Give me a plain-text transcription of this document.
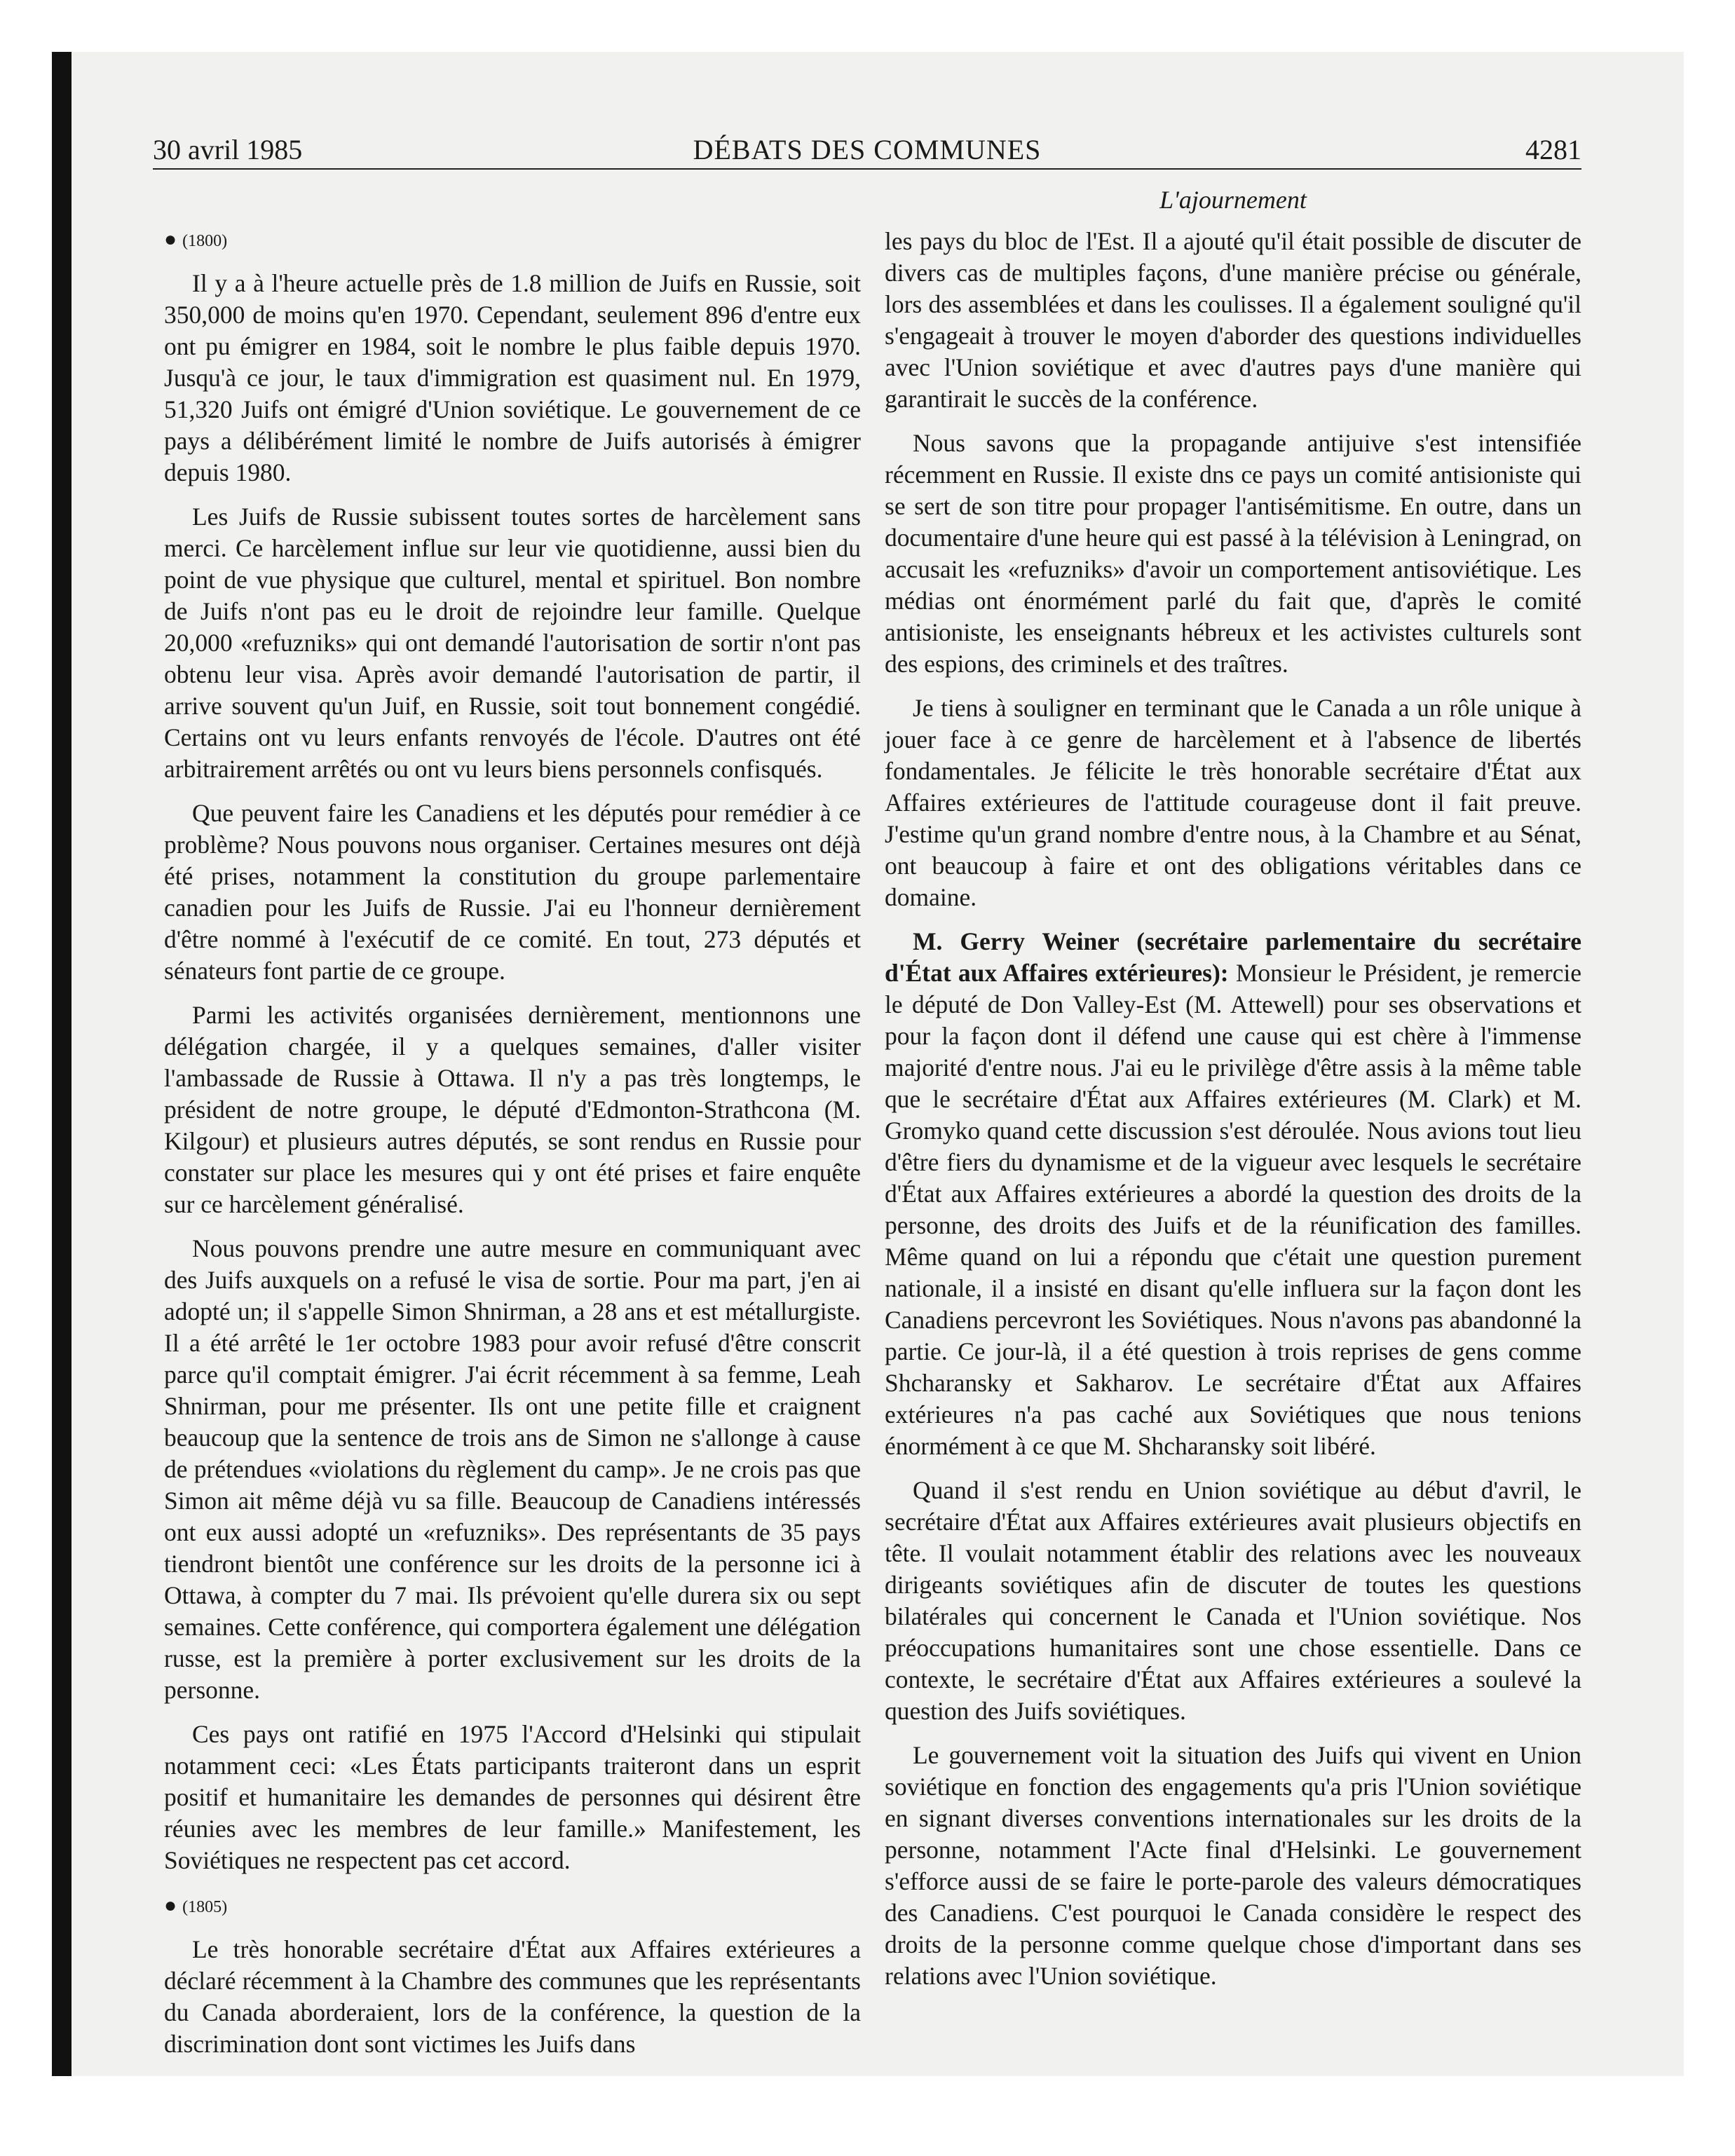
30 avril 1985	DÉBATS DES COMMUNES	4281
L'ajournement

● (1800)

Il y a à l'heure actuelle près de 1.8 million de Juifs en Russie, soit 350,000 de moins qu'en 1970. Cependant, seulement 896 d'entre eux ont pu émigrer en 1984, soit le nombre le plus faible depuis 1970. Jusqu'à ce jour, le taux d'immigration est quasiment nul. En 1979, 51,320 Juifs ont émigré d'Union soviétique. Le gouvernement de ce pays a délibérément limité le nombre de Juifs autorisés à émigrer depuis 1980.

Les Juifs de Russie subissent toutes sortes de harcèlement sans merci. Ce harcèlement influe sur leur vie quotidienne, aussi bien du point de vue physique que culturel, mental et spirituel. Bon nombre de Juifs n'ont pas eu le droit de rejoindre leur famille. Quelque 20,000 «refuzniks» qui ont demandé l'autorisation de sortir n'ont pas obtenu leur visa. Après avoir demandé l'autorisation de partir, il arrive souvent qu'un Juif, en Russie, soit tout bonnement congédié. Certains ont vu leurs enfants renvoyés de l'école. D'autres ont été arbitrairement arrêtés ou ont vu leurs biens personnels confisqués.

Que peuvent faire les Canadiens et les députés pour remédier à ce problème? Nous pouvons nous organiser. Certaines mesures ont déjà été prises, notamment la constitution du groupe parlementaire canadien pour les Juifs de Russie. J'ai eu l'honneur dernièrement d'être nommé à l'exécutif de ce comité. En tout, 273 députés et sénateurs font partie de ce groupe.

Parmi les activités organisées dernièrement, mentionnons une délégation chargée, il y a quelques semaines, d'aller visiter l'ambassade de Russie à Ottawa. Il n'y a pas très longtemps, le président de notre groupe, le député d'Edmonton-Strathcona (M. Kilgour) et plusieurs autres députés, se sont rendus en Russie pour constater sur place les mesures qui y ont été prises et faire enquête sur ce harcèlement généralisé.

Nous pouvons prendre une autre mesure en communiquant avec des Juifs auxquels on a refusé le visa de sortie. Pour ma part, j'en ai adopté un; il s'appelle Simon Shnirman, a 28 ans et est métallurgiste. Il a été arrêté le 1er octobre 1983 pour avoir refusé d'être conscrit parce qu'il comptait émigrer. J'ai écrit récemment à sa femme, Leah Shnirman, pour me présenter. Ils ont une petite fille et craignent beaucoup que la sentence de trois ans de Simon ne s'allonge à cause de prétendues «violations du règlement du camp». Je ne crois pas que Simon ait même déjà vu sa fille. Beaucoup de Canadiens intéressés ont eux aussi adopté un «refuzniks». Des représentants de 35 pays tiendront bientôt une conférence sur les droits de la personne ici à Ottawa, à compter du 7 mai. Ils prévoient qu'elle durera six ou sept semaines. Cette conférence, qui comportera également une délégation russe, est la première à porter exclusivement sur les droits de la personne.

Ces pays ont ratifié en 1975 l'Accord d'Helsinki qui stipulait notamment ceci: «Les États participants traiteront dans un esprit positif et humanitaire les demandes de personnes qui désirent être réunies avec les membres de leur famille.» Manifestement, les Soviétiques ne respectent pas cet accord.

● (1805)

Le très honorable secrétaire d'État aux Affaires extérieures a déclaré récemment à la Chambre des communes que les représentants du Canada aborderaient, lors de la conférence, la question de la discrimination dont sont victimes les Juifs dans

les pays du bloc de l'Est. Il a ajouté qu'il était possible de discuter de divers cas de multiples façons, d'une manière précise ou générale, lors des assemblées et dans les coulisses. Il a également souligné qu'il s'engageait à trouver le moyen d'aborder des questions individuelles avec l'Union soviétique et avec d'autres pays d'une manière qui garantirait le succès de la conférence.

Nous savons que la propagande antijuive s'est intensifiée récemment en Russie. Il existe dns ce pays un comité antisioniste qui se sert de son titre pour propager l'antisémitisme. En outre, dans un documentaire d'une heure qui est passé à la télévision à Leningrad, on accusait les «refuzniks» d'avoir un comportement antisoviétique. Les médias ont énormément parlé du fait que, d'après le comité antisioniste, les enseignants hébreux et les activistes culturels sont des espions, des criminels et des traîtres.

Je tiens à souligner en terminant que le Canada a un rôle unique à jouer face à ce genre de harcèlement et à l'absence de libertés fondamentales. Je félicite le très honorable secrétaire d'État aux Affaires extérieures de l'attitude courageuse dont il fait preuve. J'estime qu'un grand nombre d'entre nous, à la Chambre et au Sénat, ont beaucoup à faire et ont des obligations véritables dans ce domaine.

M. Gerry Weiner (secrétaire parlementaire du secrétaire d'État aux Affaires extérieures): Monsieur le Président, je remercie le député de Don Valley-Est (M. Attewell) pour ses observations et pour la façon dont il défend une cause qui est chère à l'immense majorité d'entre nous. J'ai eu le privilège d'être assis à la même table que le secrétaire d'État aux Affaires extérieures (M. Clark) et M. Gromyko quand cette discussion s'est déroulée. Nous avions tout lieu d'être fiers du dynamisme et de la vigueur avec lesquels le secrétaire d'État aux Affaires extérieures a abordé la question des droits de la personne, des droits des Juifs et de la réunification des familles. Même quand on lui a répondu que c'était une question purement nationale, il a insisté en disant qu'elle influera sur la façon dont les Canadiens percevront les Soviétiques. Nous n'avons pas abandonné la partie. Ce jour-là, il a été question à trois reprises de gens comme Shcharansky et Sakharov. Le secrétaire d'État aux Affaires extérieures n'a pas caché aux Soviétiques que nous tenions énormément à ce que M. Shcharansky soit libéré.

Quand il s'est rendu en Union soviétique au début d'avril, le secrétaire d'État aux Affaires extérieures avait plusieurs objectifs en tête. Il voulait notamment établir des relations avec les nouveaux dirigeants soviétiques afin de discuter de toutes les questions bilatérales qui concernent le Canada et l'Union soviétique. Nos préoccupations humanitaires sont une chose essentielle. Dans ce contexte, le secrétaire d'État aux Affaires extérieures a soulevé la question des Juifs soviétiques.

Le gouvernement voit la situation des Juifs qui vivent en Union soviétique en fonction des engagements qu'a pris l'Union soviétique en signant diverses conventions internationales sur les droits de la personne, notamment l'Acte final d'Helsinki. Le gouvernement s'efforce aussi de se faire le porte-parole des valeurs démocratiques des Canadiens. C'est pourquoi le Canada considère le respect des droits de la personne comme quelque chose d'important dans ses relations avec l'Union soviétique.
